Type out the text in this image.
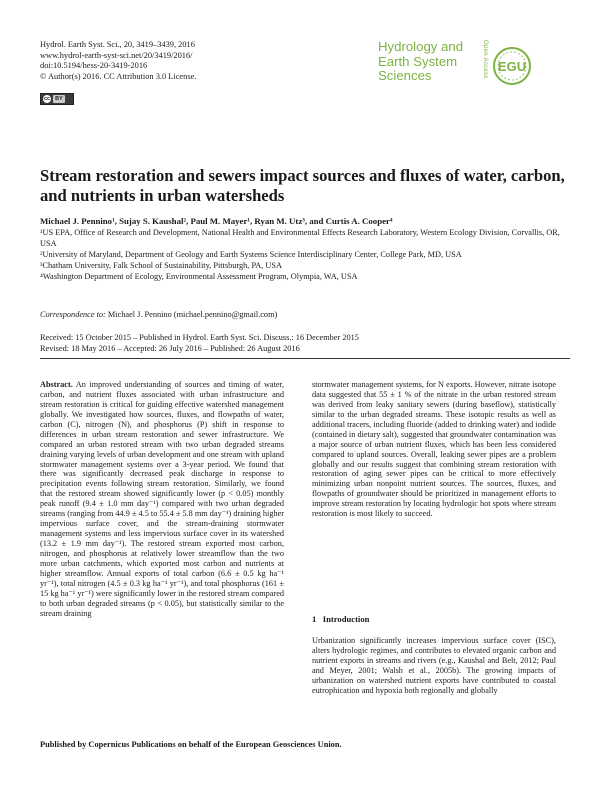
Hydrol. Earth Syst. Sci., 20, 3419–3439, 2016
www.hydrol-earth-syst-sci.net/20/3419/2016/
doi:10.5194/hess-20-3419-2016
© Author(s) 2016. CC Attribution 3.0 License.
cc BY
Hydrology and
Earth System
Sciences	Open Access EGU
Stream restoration and sewers impact sources and fluxes of water, carbon, and nutrients in urban watersheds
Michael J. Pennino¹, Sujay S. Kaushal², Paul M. Mayer¹, Ryan M. Utz³, and Curtis A. Cooper⁴

¹US EPA, Office of Research and Development, National Health and Environmental Effects Research Laboratory, Western Ecology Division, Corvallis, OR, USA

²University of Maryland, Department of Geology and Earth Systems Science Interdisciplinary Center, College Park, MD, USA

³Chatham University, Falk School of Sustainability, Pittsburgh, PA, USA

⁴Washington Department of Ecology, Environmental Assessment Program, Olympia, WA, USA

Correspondence to: Michael J. Pennino (michael.pennino@gmail.com)
Received: 15 October 2015 – Published in Hydrol. Earth Syst. Sci. Discuss.: 16 December 2015
Revised: 18 May 2016 – Accepted: 26 July 2016 – Published: 26 August 2016

Abstract. An improved understanding of sources and timing of water, carbon, and nutrient fluxes associated with urban infrastructure and stream restoration is critical for guiding effective watershed management globally. We investigated how sources, fluxes, and flowpaths of water, carbon (C), nitrogen (N), and phosphorus (P) shift in response to differences in urban stream restoration and sewer infrastructure. We compared an urban restored stream with two urban degraded streams draining varying levels of urban development and one stream with upland stormwater management systems over a 3-year period. We found that there was significantly decreased peak discharge in response to precipitation events following stream restoration. Similarly, we found that the restored stream showed significantly lower (p < 0.05) monthly peak runoff (9.4 ± 1.0 mm day⁻¹) compared with two urban degraded streams (ranging from 44.9 ± 4.5 to 55.4 ± 5.8 mm day⁻¹) draining higher impervious surface cover, and the stream-draining stormwater management systems and less impervious surface cover in its watershed (13.2 ± 1.9 mm day⁻¹). The restored stream exported most carbon, nitrogen, and phosphorus at relatively lower streamflow than the two more urban catchments, which exported most carbon and nutrients at higher streamflow. Annual exports of total carbon (6.6 ± 0.5 kg ha⁻¹ yr⁻¹), total nitrogen (4.5 ± 0.3 kg ha⁻¹ yr⁻¹), and total phosphorus (161 ± 15 kg ha⁻¹ yr⁻¹) were significantly lower in the restored stream compared to both urban degraded streams (p < 0.05), but statistically similar to the stream draining

stormwater management systems, for N exports. However, nitrate isotope data suggested that 55 ± 1 % of the nitrate in the urban restored stream was derived from leaky sanitary sewers (during baseflow), statistically similar to the urban degraded streams. These isotopic results as well as additional tracers, including fluoride (added to drinking water) and iodide (contained in dietary salt), suggested that groundwater contamination was a major source of urban nutrient fluxes, which has been less considered compared to upland sources. Overall, leaking sewer pipes are a problem globally and our results suggest that combining stream restoration with restoration of aging sewer pipes can be critical to more effectively minimizing urban nonpoint nutrient sources. The sources, fluxes, and flowpaths of groundwater should be prioritized in management efforts to improve stream restoration by locating hydrologic hot spots where stream restoration is most likely to succeed.

1 Introduction

Urbanization significantly increases impervious surface cover (ISC), alters hydrologic regimes, and contributes to elevated organic carbon and nutrient exports in streams and rivers (e.g., Kaushal and Belt, 2012; Paul and Meyer, 2001; Walsh et al., 2005b). The growing impacts of urbanization on watershed nutrient exports have contributed to coastal eutrophication and hypoxia both regionally and globally

Published by Copernicus Publications on behalf of the European Geosciences Union.
